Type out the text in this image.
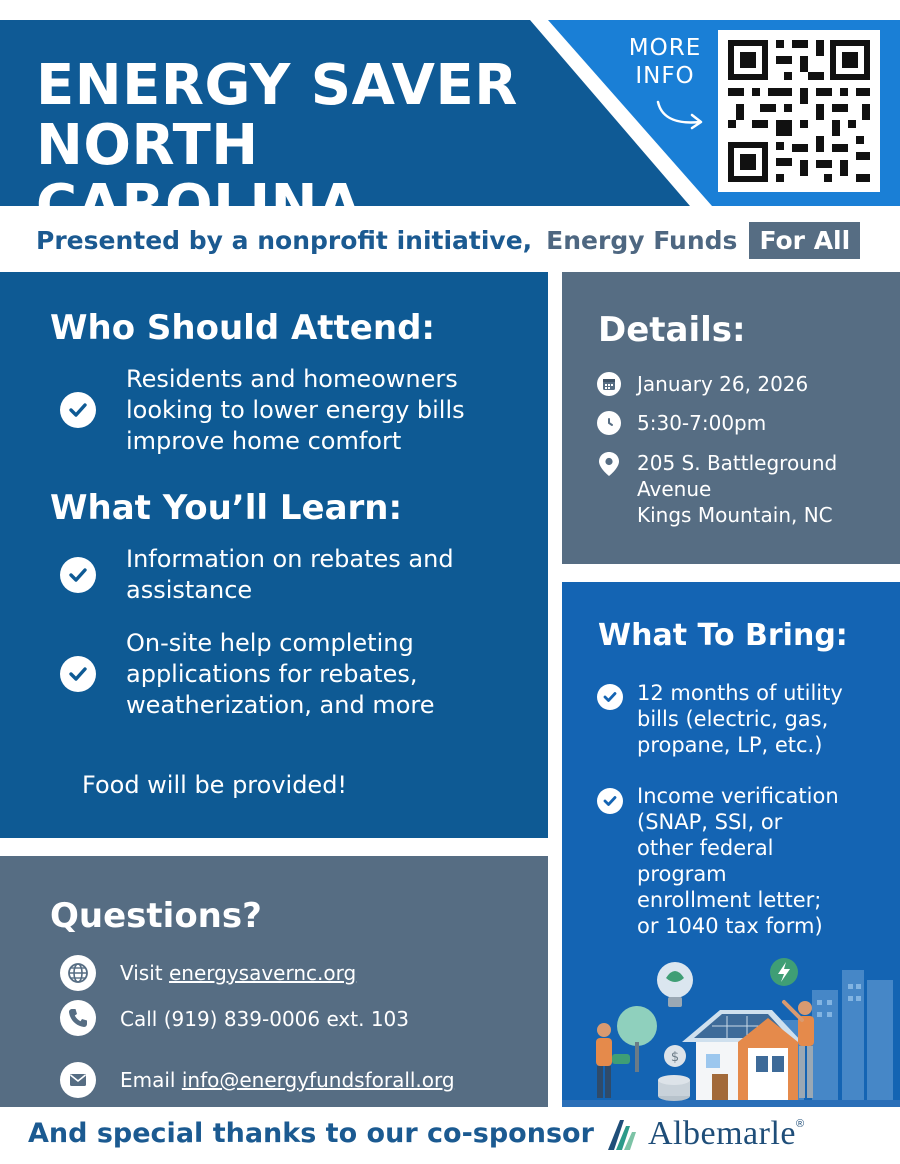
ENERGY SAVER
NORTH CAROLINA
MORE
INFO
Presented by a nonprofit initiative, Energy Funds For All
Who Should Attend:
Residents and homeowners
looking to lower energy bills
improve home comfort
What You’ll Learn:
Information on rebates and
assistance
On-site help completing
applications for rebates,
weatherization, and more
Food will be provided!
Details:
January 26, 2026
5:30-7:00pm
205 S. Battleground
Avenue
Kings Mountain, NC
What To Bring:
12 months of utility
bills (electric, gas,
propane, LP, etc.)
Income verification
(SNAP, SSI, or
other federal
program
enrollment letter;
or 1040 tax form)
$
Questions?
Visit energysavernc.org
Call (919) 839-0006 ext. 103
Email info@energyfundsforall.org
And special thanks to our co-sponsor Albemarle ®
